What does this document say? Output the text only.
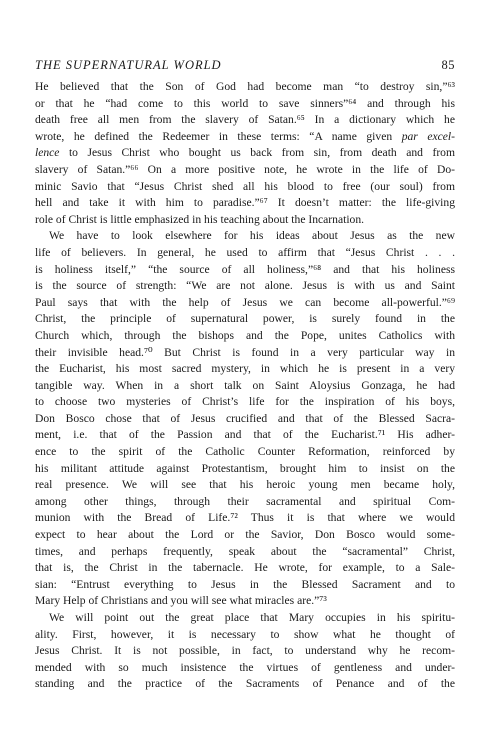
THE SUPERNATURAL WORLD	85

He believed that the Son of God had become man “to destroy sin,”⁶³
or that he “had come to this world to save sinners”⁶⁴ and through his
death free all men from the slavery of Satan.⁶⁵ In a dictionary which he
wrote, he defined the Redeemer in these terms: “A name given par excel-
lence to Jesus Christ who bought us back from sin, from death and from
slavery of Satan.”⁶⁶ On a more positive note, he wrote in the life of Do-
minic Savio that “Jesus Christ shed all his blood to free (our soul) from
hell and take it with him to paradise.”⁶⁷ It doesn’t matter: the life-giving
role of Christ is little emphasized in his teaching about the Incarnation.

We have to look elsewhere for his ideas about Jesus as the new
life of believers. In general, he used to affirm that “Jesus Christ . . .
is holiness itself,” “the source of all holiness,”⁶⁸ and that his holiness
is the source of strength: “We are not alone. Jesus is with us and Saint
Paul says that with the help of Jesus we can become all-powerful.”⁶⁹
Christ, the principle of supernatural power, is surely found in the
Church which, through the bishops and the Pope, unites Catholics with
their invisible head.⁷⁰ But Christ is found in a very particular way in
the Eucharist, his most sacred mystery, in which he is present in a very
tangible way. When in a short talk on Saint Aloysius Gonzaga, he had
to choose two mysteries of Christ’s life for the inspiration of his boys,
Don Bosco chose that of Jesus crucified and that of the Blessed Sacra-
ment, i.e. that of the Passion and that of the Eucharist.⁷¹ His adher-
ence to the spirit of the Catholic Counter Reformation, reinforced by
his militant attitude against Protestantism, brought him to insist on the
real presence. We will see that his heroic young men became holy,
among other things, through their sacramental and spiritual Com-
munion with the Bread of Life.⁷² Thus it is that where we would
expect to hear about the Lord or the Savior, Don Bosco would some-
times, and perhaps frequently, speak about the “sacramental” Christ,
that is, the Christ in the tabernacle. He wrote, for example, to a Sale-
sian: “Entrust everything to Jesus in the Blessed Sacrament and to
Mary Help of Christians and you will see what miracles are.”⁷³

We will point out the great place that Mary occupies in his spiritu-
ality. First, however, it is necessary to show what he thought of
Jesus Christ. It is not possible, in fact, to understand why he recom-
mended with so much insistence the virtues of gentleness and under-
standing and the practice of the Sacraments of Penance and of the
